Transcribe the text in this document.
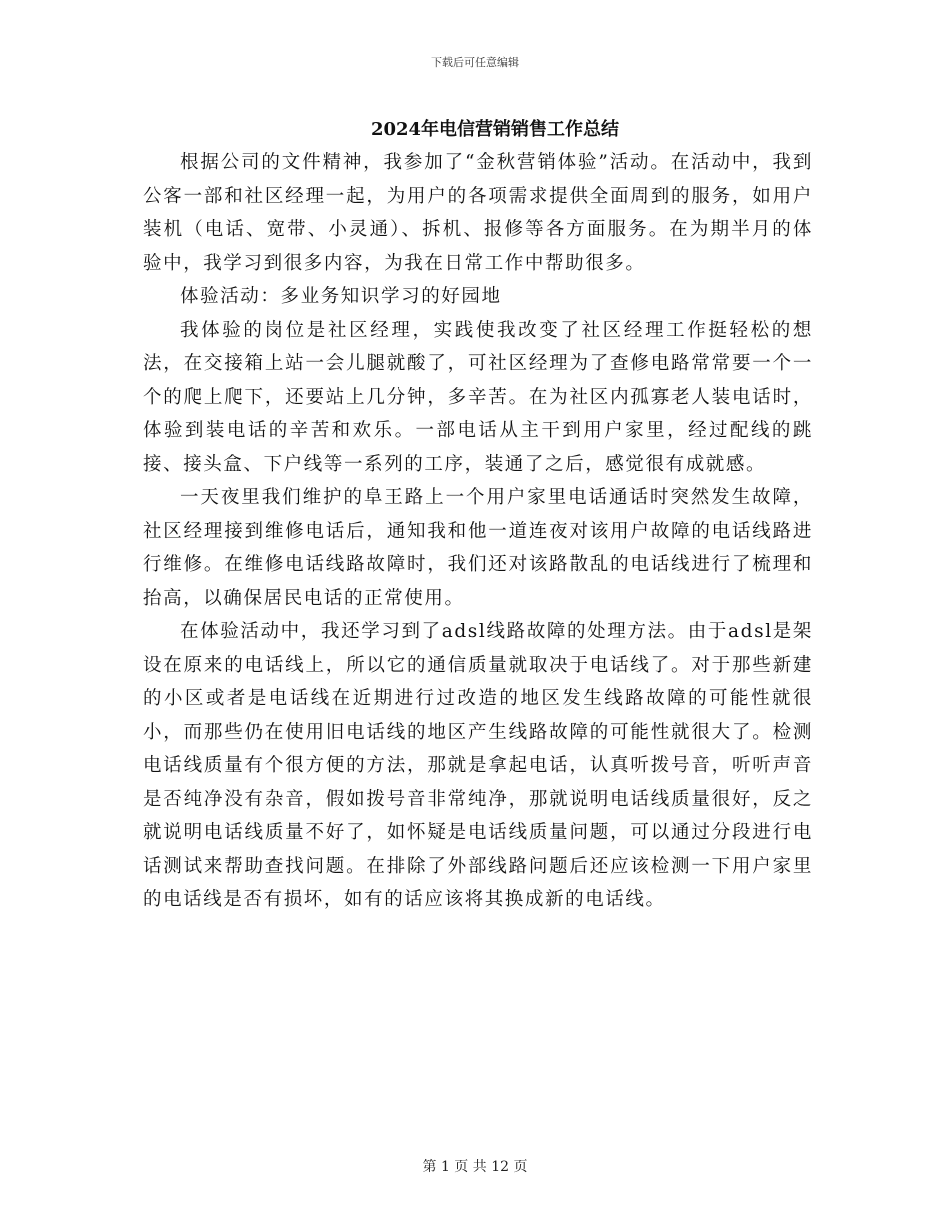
下载后可任意编辑
2024年电信营销销售工作总结

根据公司的文件精神，我参加了“金秋营销体验”活动。在活动中，我到公客一部和社区经理一起，为用户的各项需求提供全面周到的服务，如用户装机（电话、宽带、小灵通）、拆机、报修等各方面服务。在为期半月的体验中，我学习到很多内容，为我在日常工作中帮助很多。

体验活动：多业务知识学习的好园地

我体验的岗位是社区经理，实践使我改变了社区经理工作挺轻松的想法，在交接箱上站一会儿腿就酸了，可社区经理为了查修电路常常要一个一个的爬上爬下，还要站上几分钟，多辛苦。在为社区内孤寡老人装电话时，体验到装电话的辛苦和欢乐。一部电话从主干到用户家里，经过配线的跳接、接头盒、下户线等一系列的工序，装通了之后，感觉很有成就感。

一天夜里我们维护的阜王路上一个用户家里电话通话时突然发生故障，社区经理接到维修电话后，通知我和他一道连夜对该用户故障的电话线路进行维修。在维修电话线路故障时，我们还对该路散乱的电话线进行了梳理和抬高，以确保居民电话的正常使用。

在体验活动中，我还学习到了adsl线路故障的处理方法。由于adsl是架设在原来的电话线上，所以它的通信质量就取决于电话线了。对于那些新建的小区或者是电话线在近期进行过改造的地区发生线路故障的可能性就很小，而那些仍在使用旧电话线的地区产生线路故障的可能性就很大了。检测电话线质量有个很方便的方法，那就是拿起电话，认真听拨号音，听听声音是否纯净没有杂音，假如拨号音非常纯净，那就说明电话线质量很好，反之就说明电话线质量不好了，如怀疑是电话线质量问题，可以通过分段进行电话测试来帮助查找问题。在排除了外部线路问题后还应该检测一下用户家里的电话线是否有损坏，如有的话应该将其换成新的电话线。

第 1 页 共 12 页
